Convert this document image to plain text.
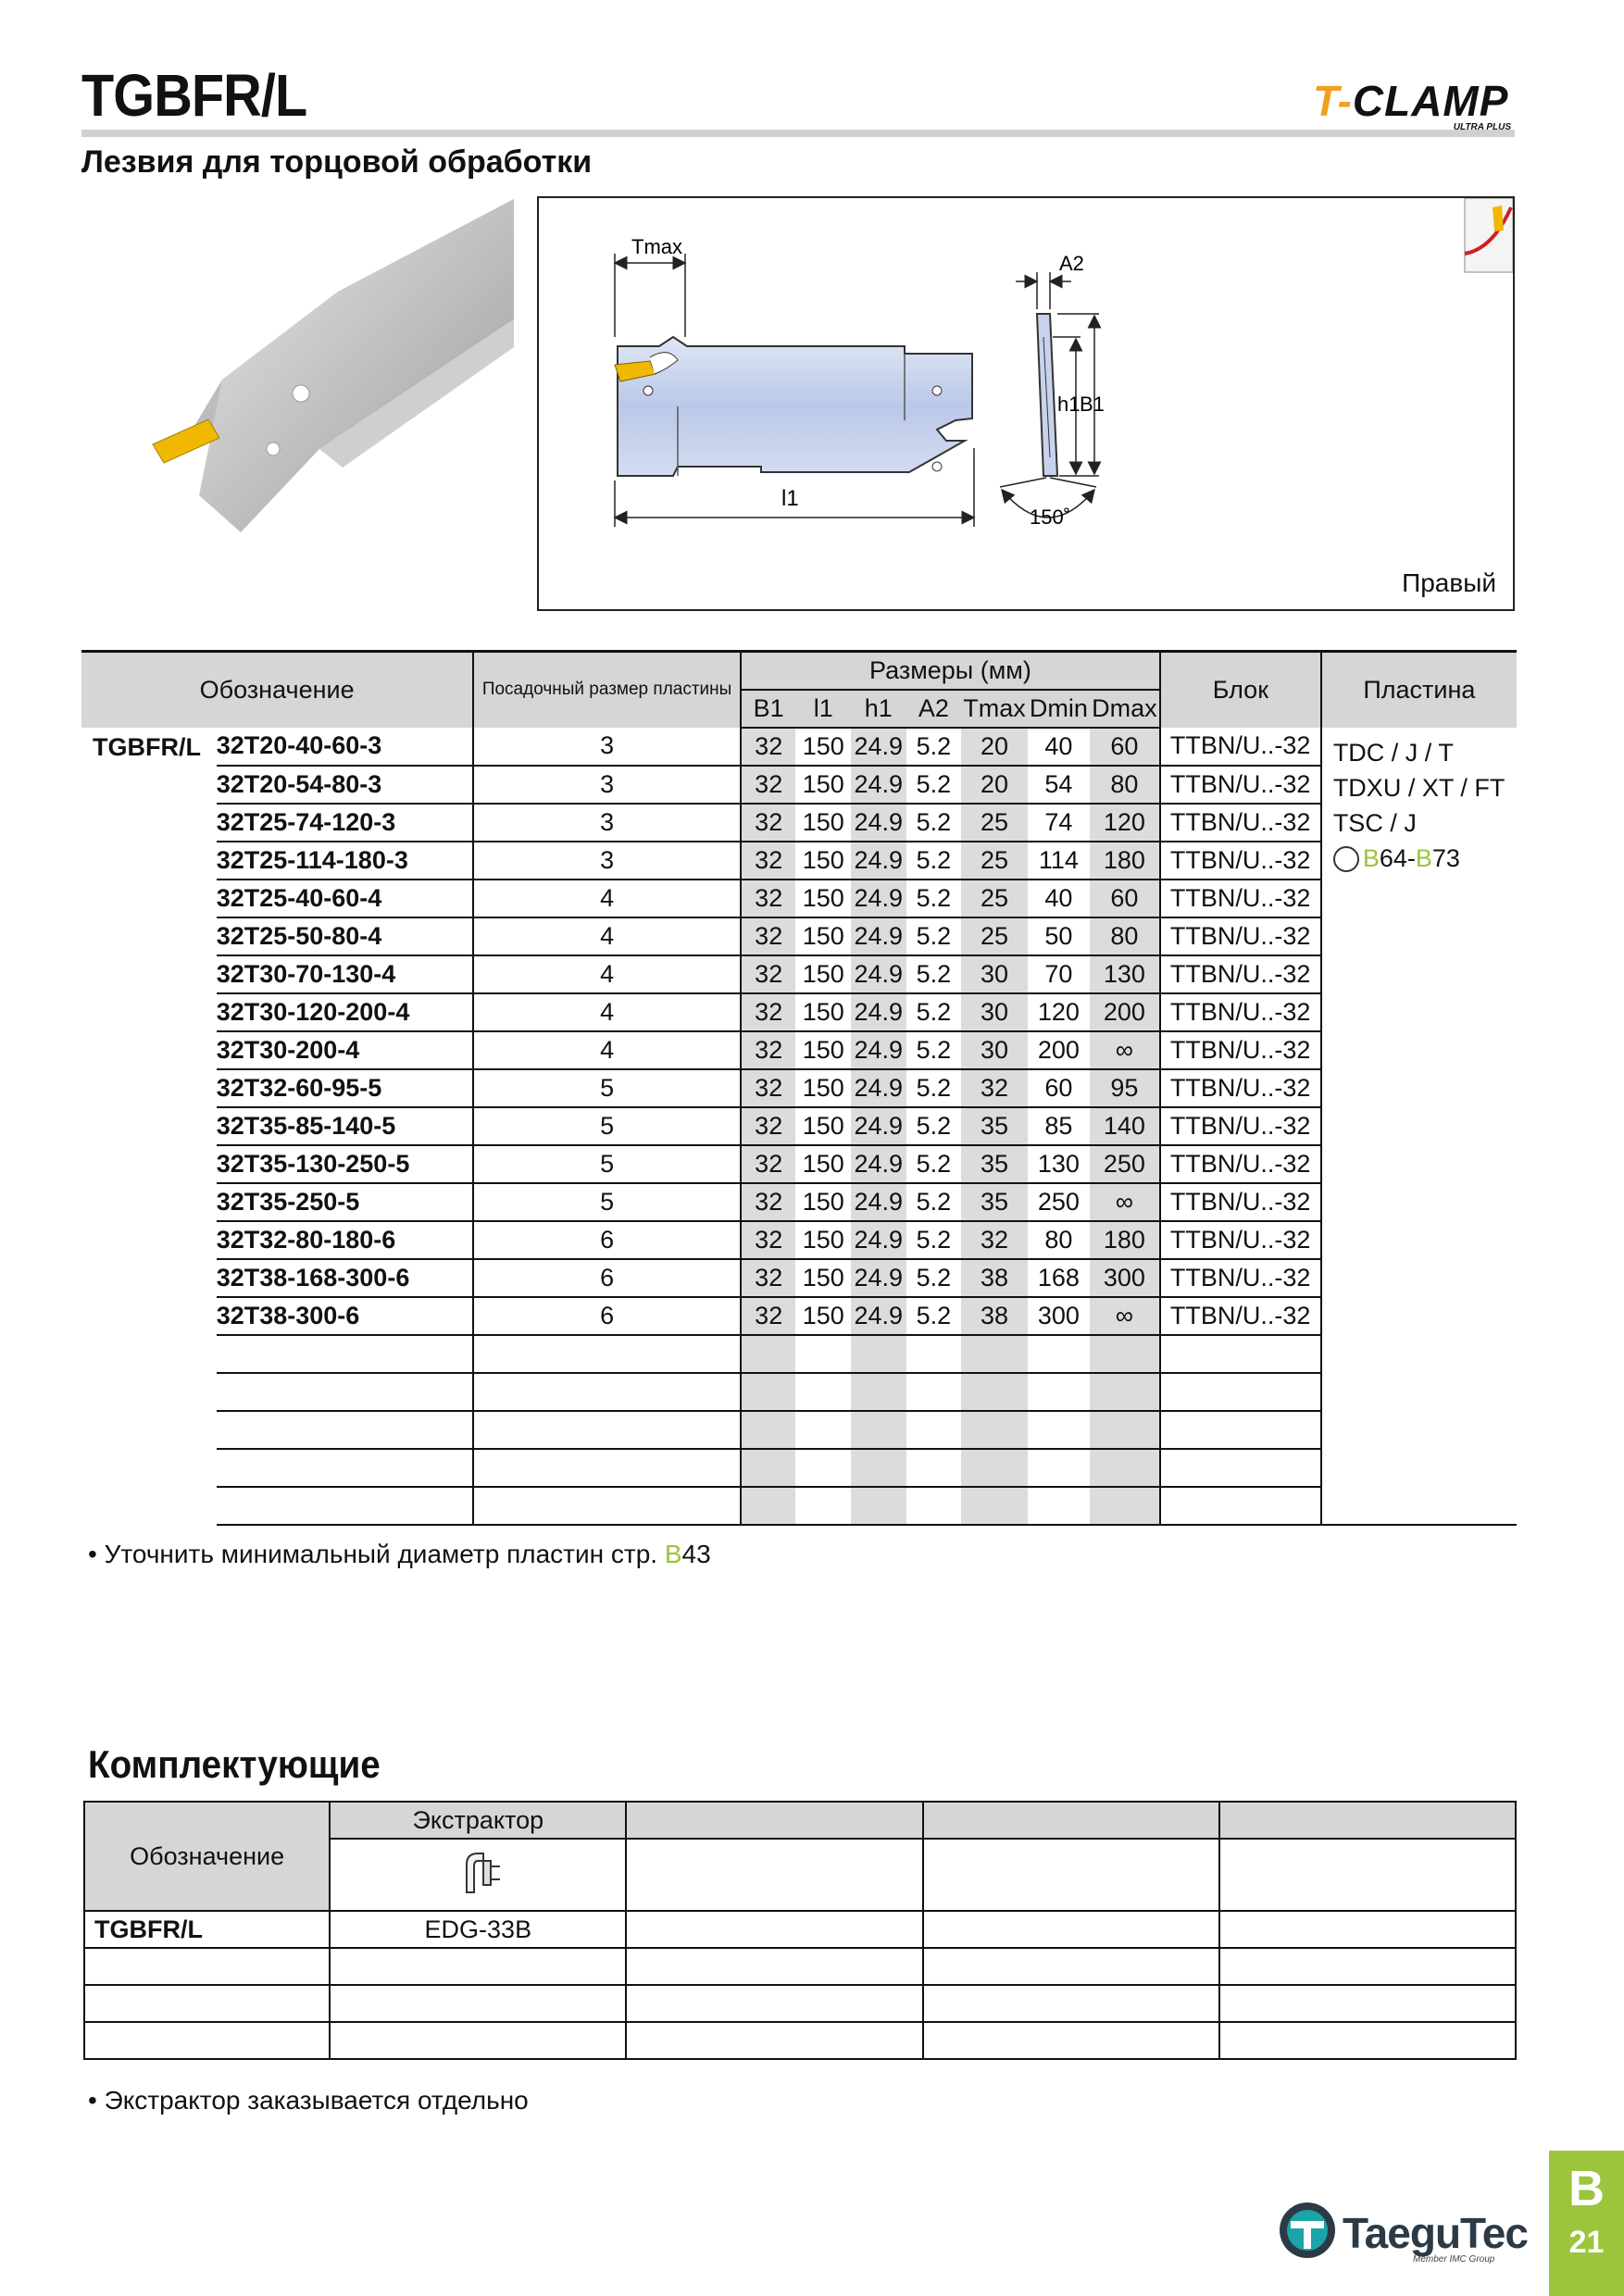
TGBFR/L
Лезвия для торцовой обработки
T-CLAMP
ULTRA PLUS
Tmax
l1
A2
h1 B1
150˚
Правый
Обозначение		Посадочный размер пластины	Размеры (мм)							Блок	Пластина
			B1	l1	h1	A2	Tmax	Dmin	Dmax		
TGBFR/L	32T20-40-60-3	3	32	150	24.9	5.2	20	40	60	TTBN/U..-32	TDC / J / T
TDXU / XT / FT
TSC / J
B64-B73

	32T20-54-80-3	3	32	150	24.9	5.2	20	54	80	TTBN/U..-32	
	32T25-74-120-3	3	32	150	24.9	5.2	25	74	120	TTBN/U..-32	
	32T25-114-180-3	3	32	150	24.9	5.2	25	114	180	TTBN/U..-32	
	32T25-40-60-4	4	32	150	24.9	5.2	25	40	60	TTBN/U..-32	
	32T25-50-80-4	4	32	150	24.9	5.2	25	50	80	TTBN/U..-32	
	32T30-70-130-4	4	32	150	24.9	5.2	30	70	130	TTBN/U..-32	
	32T30-120-200-4	4	32	150	24.9	5.2	30	120	200	TTBN/U..-32	
	32T30-200-4	4	32	150	24.9	5.2	30	200	∞	TTBN/U..-32	
	32T32-60-95-5	5	32	150	24.9	5.2	32	60	95	TTBN/U..-32	
	32T35-85-140-5	5	32	150	24.9	5.2	35	85	140	TTBN/U..-32	
	32T35-130-250-5	5	32	150	24.9	5.2	35	130	250	TTBN/U..-32	
	32T35-250-5	5	32	150	24.9	5.2	35	250	∞	TTBN/U..-32	
	32T32-80-180-6	6	32	150	24.9	5.2	32	80	180	TTBN/U..-32	
	32T38-168-300-6	6	32	150	24.9	5.2	38	168	300	TTBN/U..-32	
	32T38-300-6	6	32	150	24.9	5.2	38	300	∞	TTBN/U..-32	

• Уточнить минимальный диаметр пластин стр. B43
Комплектующие
Обозначение	Экстрактор			

TGBFR/L	EDG-33B			

• Экстрактор заказывается отдельно
TaeguTec
Member IMC Group
B
21
